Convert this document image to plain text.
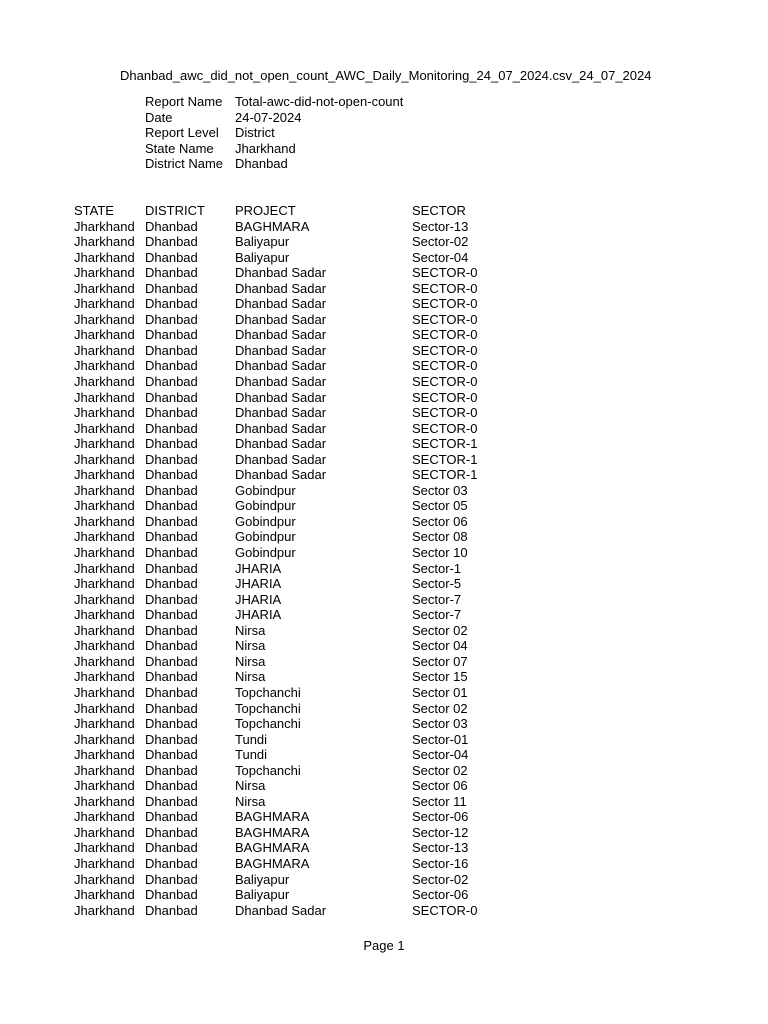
Dhanbad_awc_did_not_open_count_AWC_Daily_Monitoring_24_07_2024.csv_24_07_2024
Report Name Total-awc-did-not-open-count
Date	24-07-2024
Report Level District
State Name Jharkhand
District Name Dhanbad
STATE DISTRICT PROJECT	SECTOR
Jharkhand Dhanbad	BAGHMARA	Sector-13
Jharkhand Dhanbad	Baliyapur	Sector-02
Jharkhand Dhanbad	Baliyapur	Sector-04
Jharkhand Dhanbad	Dhanbad Sadar	SECTOR-0
Jharkhand Dhanbad	Dhanbad Sadar	SECTOR-0
Jharkhand Dhanbad	Dhanbad Sadar	SECTOR-0
Jharkhand Dhanbad	Dhanbad Sadar	SECTOR-0
Jharkhand Dhanbad	Dhanbad Sadar	SECTOR-0
Jharkhand Dhanbad	Dhanbad Sadar	SECTOR-0
Jharkhand Dhanbad	Dhanbad Sadar	SECTOR-0
Jharkhand Dhanbad	Dhanbad Sadar	SECTOR-0
Jharkhand Dhanbad	Dhanbad Sadar	SECTOR-0
Jharkhand Dhanbad	Dhanbad Sadar	SECTOR-0
Jharkhand Dhanbad	Dhanbad Sadar	SECTOR-0
Jharkhand Dhanbad	Dhanbad Sadar	SECTOR-1
Jharkhand Dhanbad	Dhanbad Sadar	SECTOR-1
Jharkhand Dhanbad	Dhanbad Sadar	SECTOR-1
Jharkhand Dhanbad	Gobindpur	Sector 03
Jharkhand Dhanbad	Gobindpur	Sector 05
Jharkhand Dhanbad	Gobindpur	Sector 06
Jharkhand Dhanbad	Gobindpur	Sector 08
Jharkhand Dhanbad	Gobindpur	Sector 10
Jharkhand Dhanbad	JHARIA	Sector-1
Jharkhand Dhanbad	JHARIA	Sector-5
Jharkhand Dhanbad	JHARIA	Sector-7
Jharkhand Dhanbad	JHARIA	Sector-7
Jharkhand Dhanbad	Nirsa	Sector 02
Jharkhand Dhanbad	Nirsa	Sector 04
Jharkhand Dhanbad	Nirsa	Sector 07
Jharkhand Dhanbad	Nirsa	Sector 15
Jharkhand Dhanbad	Topchanchi	Sector 01
Jharkhand Dhanbad	Topchanchi	Sector 02
Jharkhand Dhanbad	Topchanchi	Sector 03
Jharkhand Dhanbad	Tundi	Sector-01
Jharkhand Dhanbad	Tundi	Sector-04
Jharkhand Dhanbad	Topchanchi	Sector 02
Jharkhand Dhanbad	Nirsa	Sector 06
Jharkhand Dhanbad	Nirsa	Sector 11
Jharkhand Dhanbad	BAGHMARA	Sector-06
Jharkhand Dhanbad	BAGHMARA	Sector-12
Jharkhand Dhanbad	BAGHMARA	Sector-13
Jharkhand Dhanbad	BAGHMARA	Sector-16
Jharkhand Dhanbad	Baliyapur	Sector-02
Jharkhand Dhanbad	Baliyapur	Sector-06
Jharkhand Dhanbad	Dhanbad Sadar	SECTOR-0
Page 1
